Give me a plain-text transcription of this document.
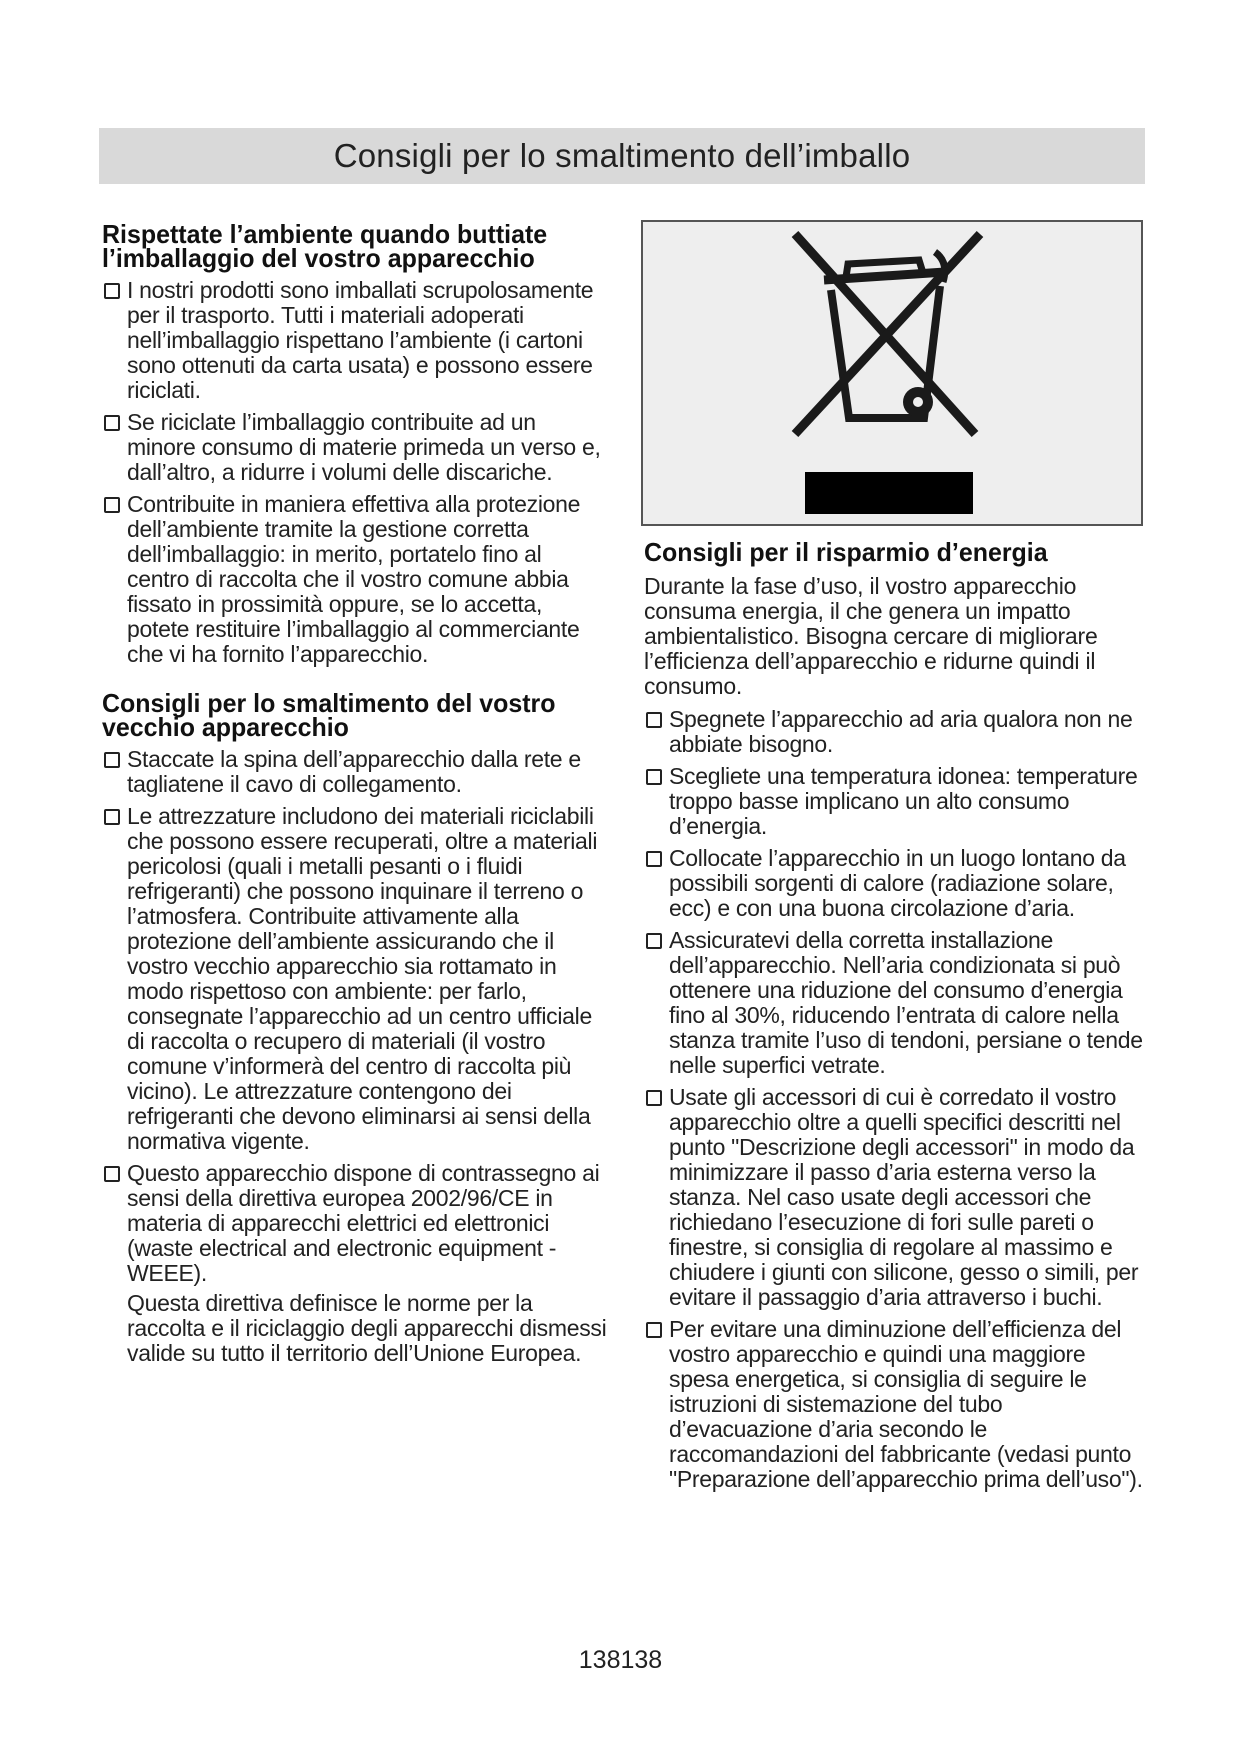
Consigli per lo smaltimento dell’imballo
Rispettate l’ambiente quando buttiate l’imballaggio del vostro apparecchio

I nostri prodotti sono imballati scrupolosamente per il trasporto. Tutti i materiali adoperati nell’imballaggio rispettano l’ambiente (i cartoni sono ottenuti da carta usata) e possono essere riciclati.

Se riciclate l’imballaggio contribuite ad un minore consumo di materie primeda un verso e, dall’altro, a ridurre i volumi delle discariche.

Contribuite in maniera effettiva alla protezione dell’ambiente tramite la gestione corretta dell’imballaggio: in merito, portatelo fino al centro di raccolta che il vostro comune abbia fissato in prossimità oppure, se lo accetta, potete restituire l’imballaggio al commerciante che vi ha fornito l’apparecchio.

Consigli per lo smaltimento del vostro vecchio apparecchio

Staccate la spina dell’apparecchio dalla rete e tagliatene il cavo di collegamento.

Le attrezzature includono dei materiali riciclabili che possono essere recuperati, oltre a materiali pericolosi (quali i metalli pesanti o i fluidi refrigeranti) che possono inquinare il terreno o l’atmosfera. Contribuite attivamente alla protezione dell’ambiente assicurando che il vostro vecchio apparecchio sia rottamato in modo rispettoso con ambiente: per farlo, consegnate l’apparecchio ad un centro ufficiale di raccolta o recupero di materiali (il vostro comune v’informerà del centro di raccolta più vicino). Le attrezzature contengono dei refrigeranti che devono eliminarsi ai sensi della normativa vigente.

Questo apparecchio dispone di contrassegno ai sensi della direttiva europea 2002/96/CE in materia di apparecchi elettrici ed elettronici (waste electrical and electronic equipment - WEEE).

Questa direttiva definisce le norme per la raccolta e il riciclaggio degli apparecchi dismessi valide su tutto il territorio dell’Unione Europea.

Consigli per il risparmio d’energia

Durante la fase d’uso, il vostro apparecchio consuma energia, il che genera un impatto ambientalistico. Bisogna cercare di migliorare l’efficienza dell’apparecchio e ridurne quindi il consumo.

Spegnete l’apparecchio ad aria qualora non ne abbiate bisogno.

Scegliete una temperatura idonea: temperature troppo basse implicano un alto consumo d’energia.

Collocate l’apparecchio in un luogo lontano da possibili sorgenti di calore (radiazione solare, ecc) e con una buona circolazione d’aria.

Assicuratevi della corretta installazione dell’apparecchio. Nell’aria condizionata si può ottenere una riduzione del consumo d’energia fino al 30%, riducendo l’entrata di calore nella stanza tramite l’uso di tendoni, persiane o tende nelle superfici vetrate.

Usate gli accessori di cui è corredato il vostro apparecchio oltre a quelli specifici descritti nel punto "Descrizione degli accessori" in modo da minimizzare il passo d’aria esterna verso la stanza. Nel caso usate degli accessori che richiedano l’esecuzione di fori sulle pareti o finestre, si consiglia di regolare al massimo e chiudere i giunti con silicone, gesso o simili, per evitare il passaggio d’aria attraverso i buchi.

Per evitare una diminuzione dell’efficienza del vostro apparecchio e quindi una maggiore spesa energetica, si consiglia di seguire le istruzioni di sistemazione del tubo d’evacuazione d’aria secondo le raccomandazioni del fabbricante (vedasi punto "Preparazione dell’apparecchio prima dell’uso").

138138
